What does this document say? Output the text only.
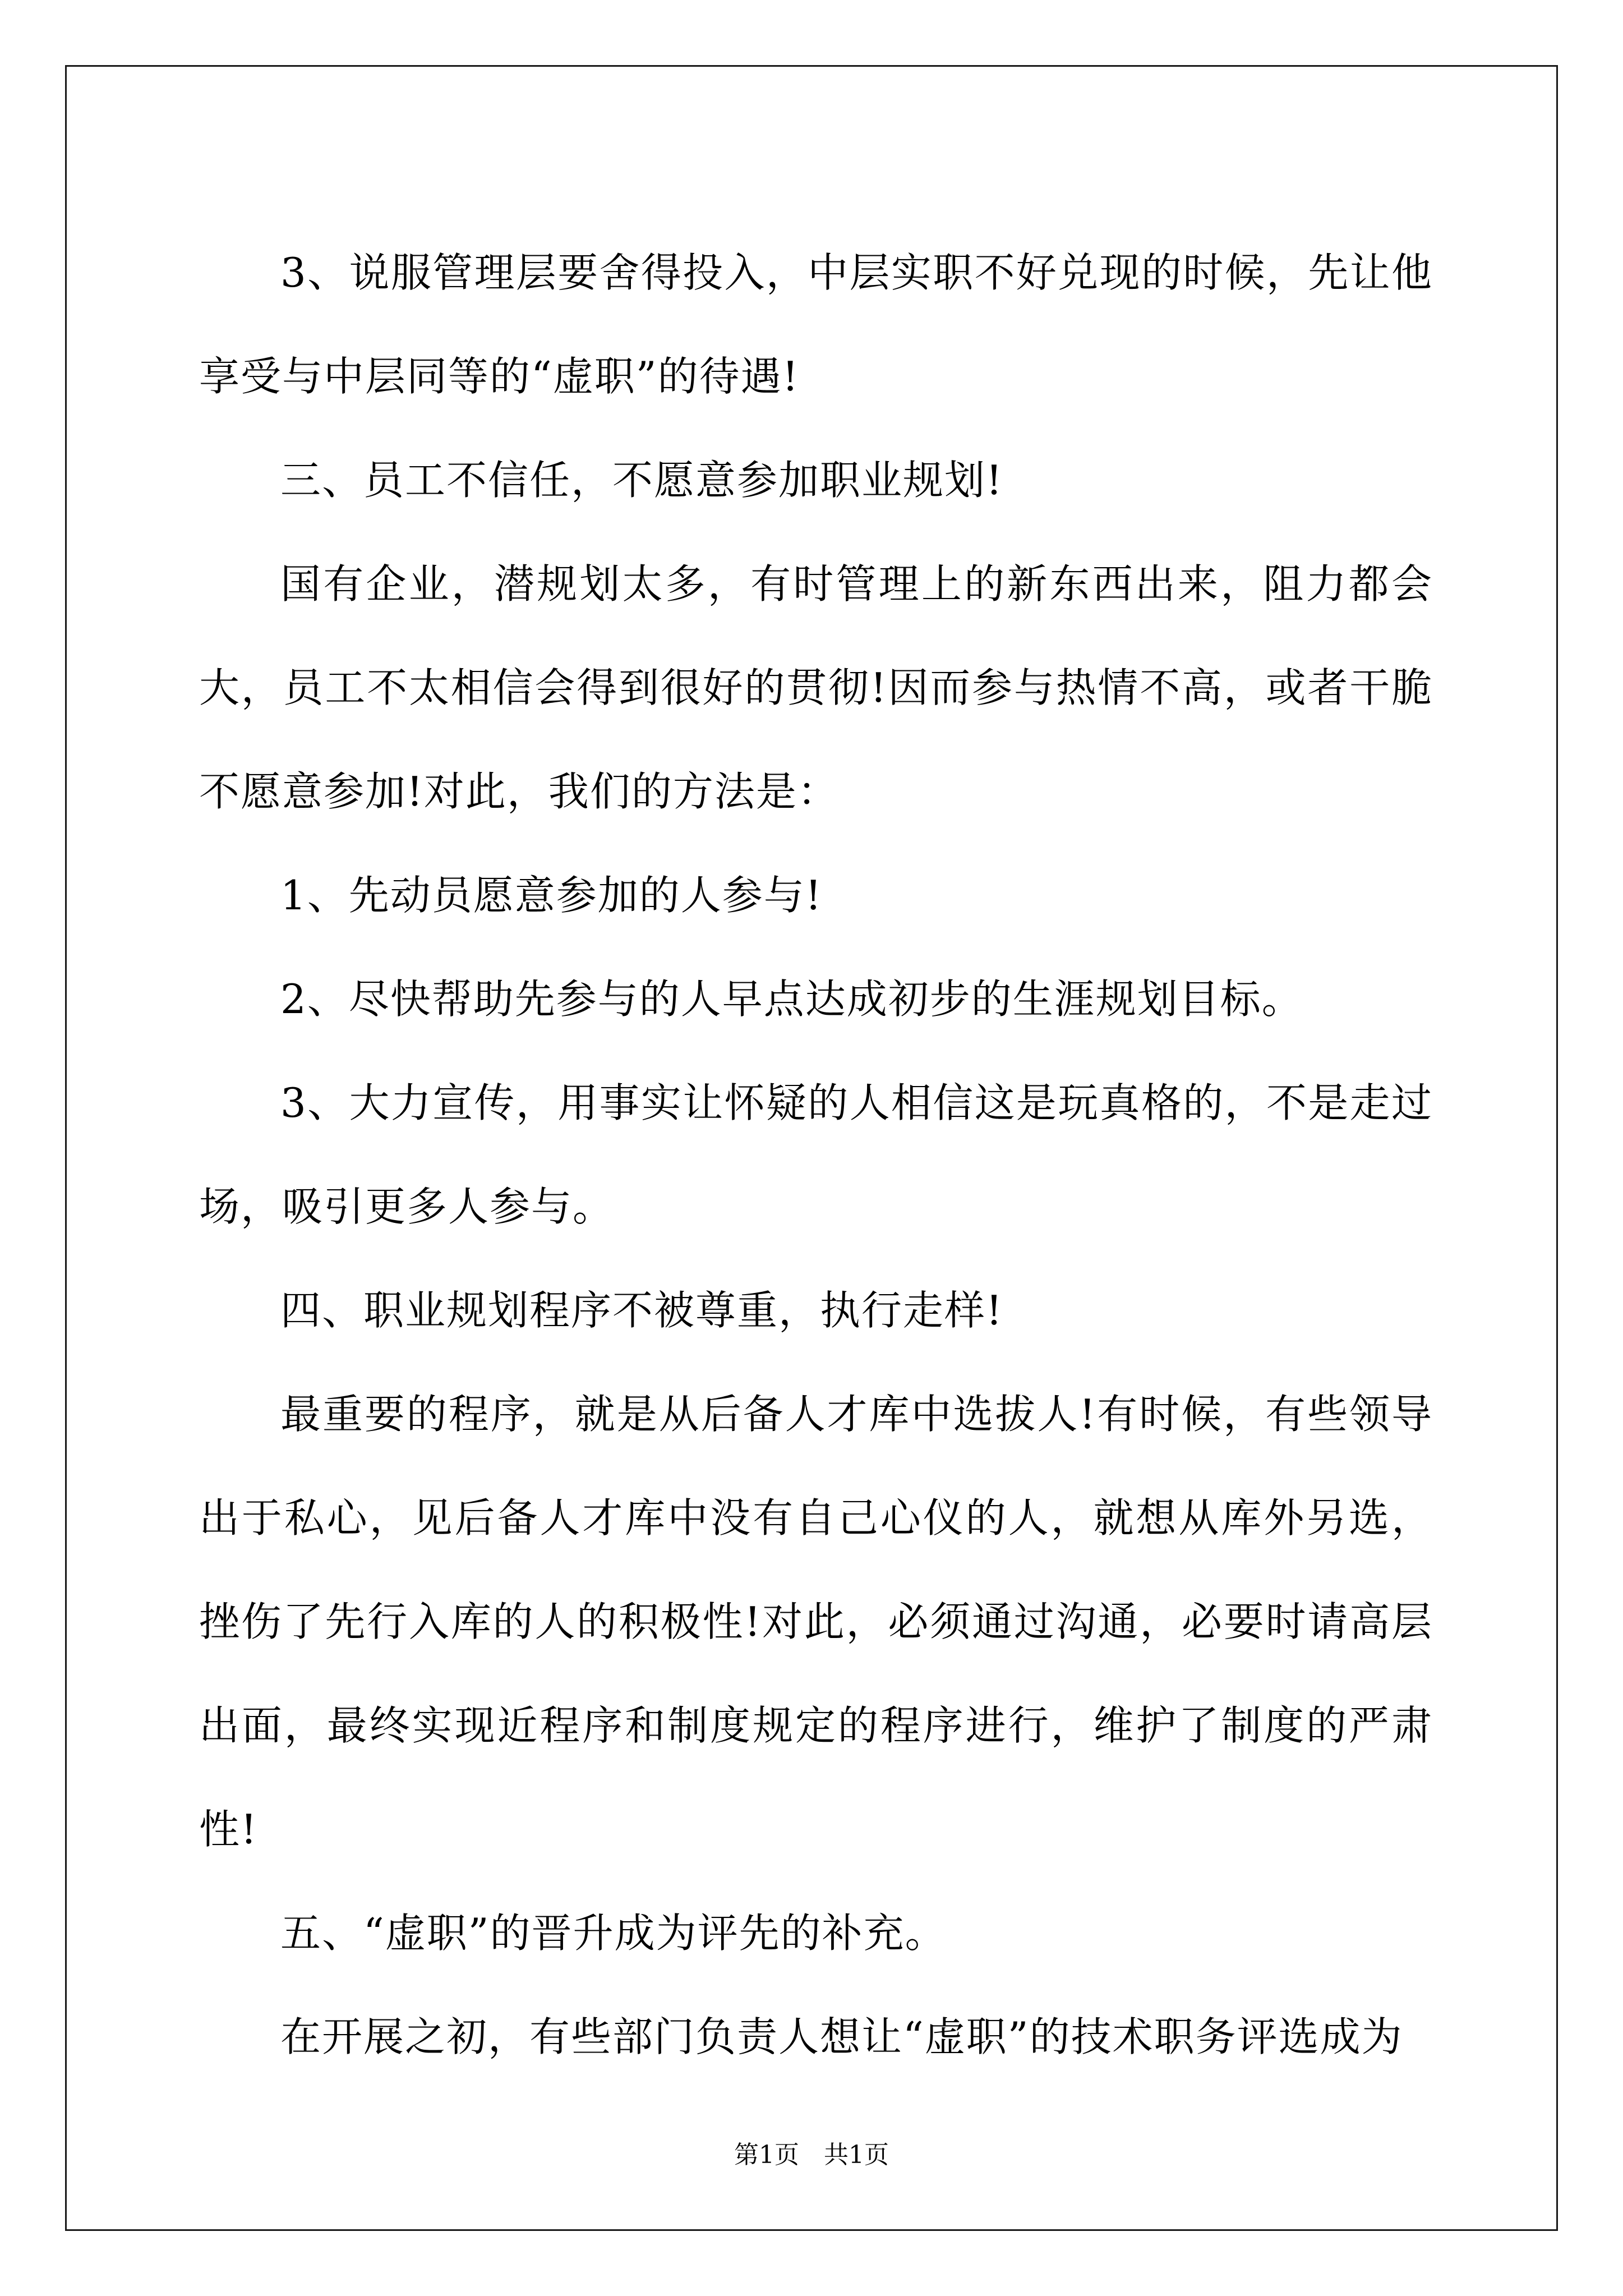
3、说服管理层要舍得投入，中层实职不好兑现的时候，先让他享受与中层同等的“虚职”的待遇!

三、员工不信任，不愿意参加职业规划!

国有企业，潜规划太多，有时管理上的新东西出来，阻力都会大，员工不太相信会得到很好的贯彻!因而参与热情不高，或者干脆不愿意参加!对此，我们的方法是：

1、先动员愿意参加的人参与!

2、尽快帮助先参与的人早点达成初步的生涯规划目标。

3、大力宣传，用事实让怀疑的人相信这是玩真格的，不是走过场，吸引更多人参与。

四、职业规划程序不被尊重，执行走样!

最重要的程序，就是从后备人才库中选拔人!有时候，有些领导出于私心，见后备人才库中没有自己心仪的人，就想从库外另选，挫伤了先行入库的人的积极性!对此，必须通过沟通，必要时请高层出面，最终实现近程序和制度规定的程序进行，维护了制度的严肃性!

五、“虚职”的晋升成为评先的补充。

在开展之初，有些部门负责人想让“虚职”的技术职务评选成为

第1页　共1页
